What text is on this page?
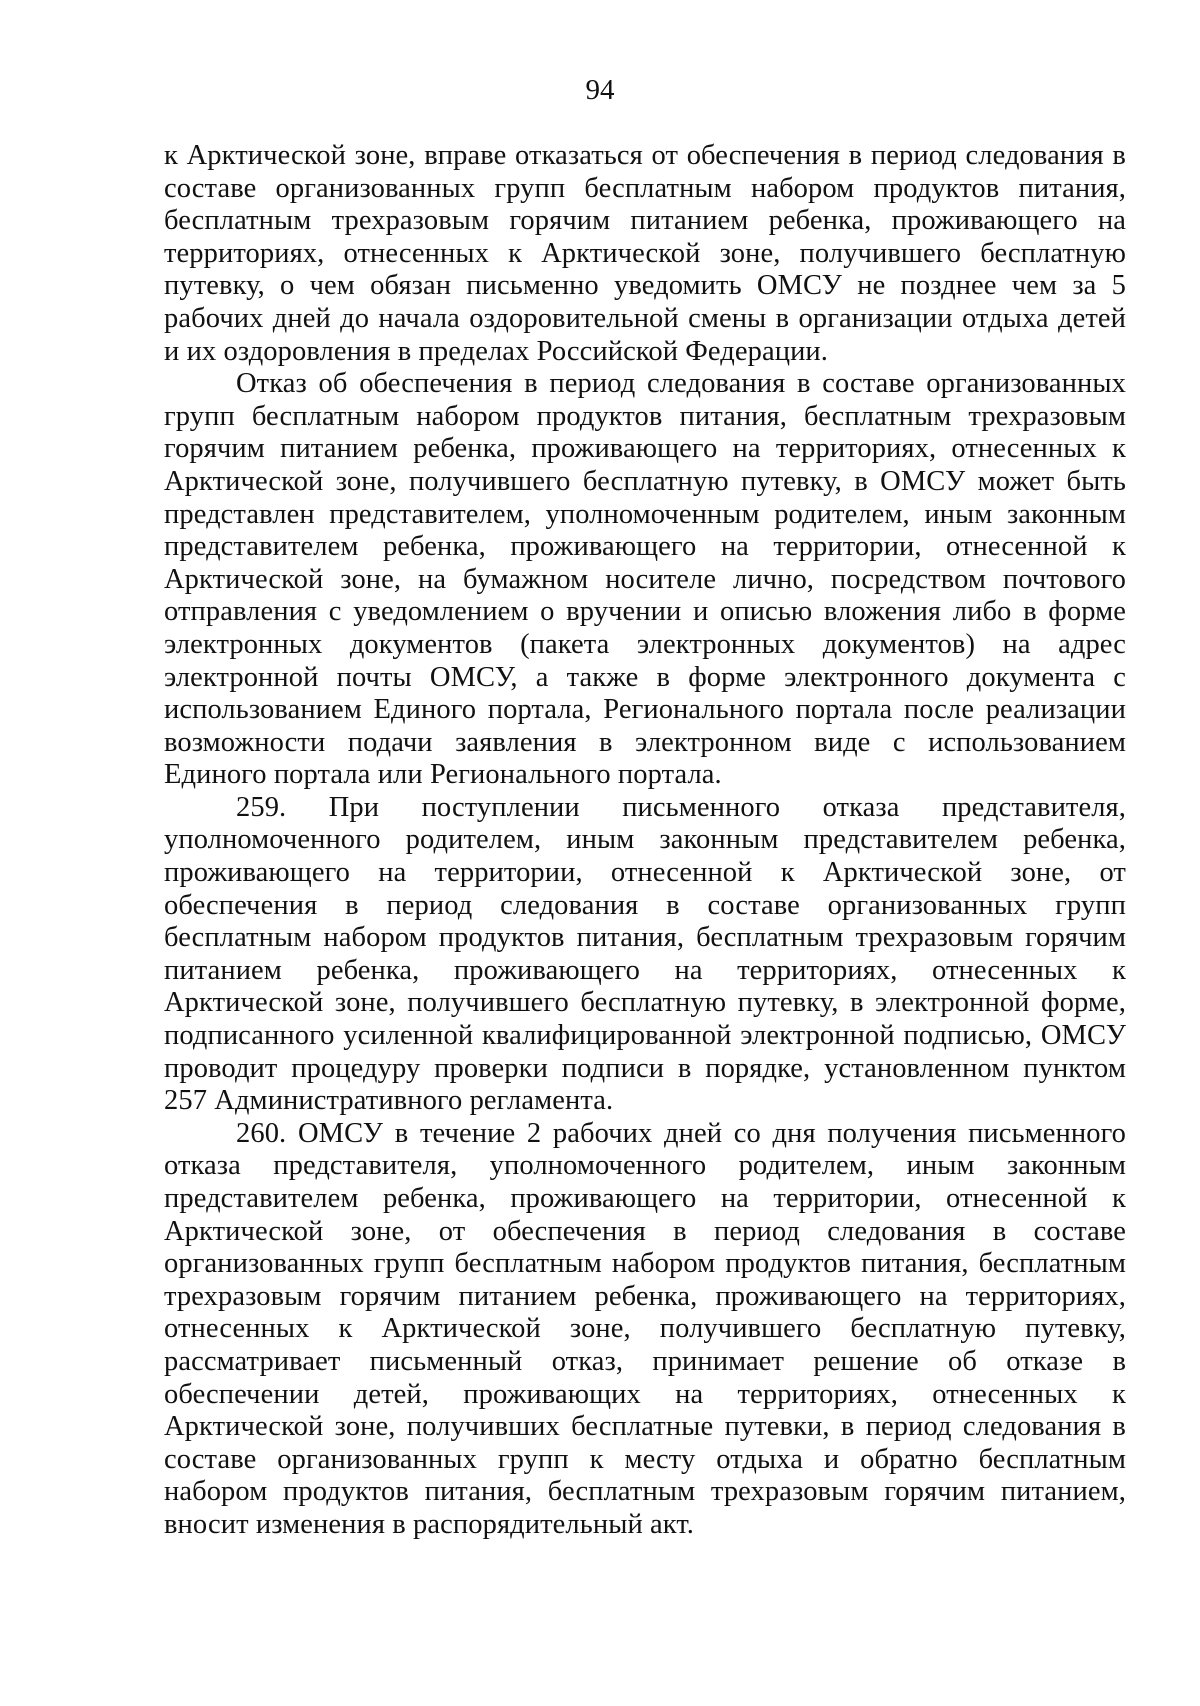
94

к Арктической зоне, вправе отказаться от обеспечения в период следования в составе организованных групп бесплатным набором продуктов питания, бесплатным трехразовым горячим питанием ребенка, проживающего на территориях, отнесенных к Арктической зоне, получившего бесплатную путевку, о чем обязан письменно уведомить ОМСУ не позднее чем за 5 рабочих дней до начала оздоровительной смены в организации отдыха детей и их оздоровления в пределах Российской Федерации.

Отказ об обеспечения в период следования в составе организованных групп бесплатным набором продуктов питания, бесплатным трехразовым горячим питанием ребенка, проживающего на территориях, отнесенных к Арктической зоне, получившего бесплатную путевку, в ОМСУ может быть представлен представителем, уполномоченным родителем, иным законным представителем ребенка, проживающего на территории, отнесенной к Арктической зоне, на бумажном носителе лично, посредством почтового отправления с уведомлением о вручении и описью вложения либо в форме электронных документов (пакета электронных документов) на адрес электронной почты ОМСУ, а также в форме электронного документа с использованием Единого портала, Регионального портала после реализации возможности подачи заявления в электронном виде с использованием Единого портала или Регионального портала.

259. При поступлении письменного отказа представителя, уполномоченного родителем, иным законным представителем ребенка, проживающего на территории, отнесенной к Арктической зоне, от обеспечения в период следования в составе организованных групп бесплатным набором продуктов питания, бесплатным трехразовым горячим питанием ребенка, проживающего на территориях, отнесенных к Арктической зоне, получившего бесплатную путевку, в электронной форме, подписанного усиленной квалифицированной электронной подписью, ОМСУ проводит процедуру проверки подписи в порядке, установленном пунктом 257 Административного регламента.

260. ОМСУ в течение 2 рабочих дней со дня получения письменного отказа представителя, уполномоченного родителем, иным законным представителем ребенка, проживающего на территории, отнесенной к Арктической зоне, от обеспечения в период следования в составе организованных групп бесплатным набором продуктов питания, бесплатным трехразовым горячим питанием ребенка, проживающего на территориях, отнесенных к Арктической зоне, получившего бесплатную путевку, рассматривает письменный отказ, принимает решение об отказе в обеспечении детей, проживающих на территориях, отнесенных к Арктической зоне, получивших бесплатные путевки, в период следования в составе организованных групп к месту отдыха и обратно бесплатным набором продуктов питания, бесплатным трехразовым горячим питанием, вносит изменения в распорядительный акт.
